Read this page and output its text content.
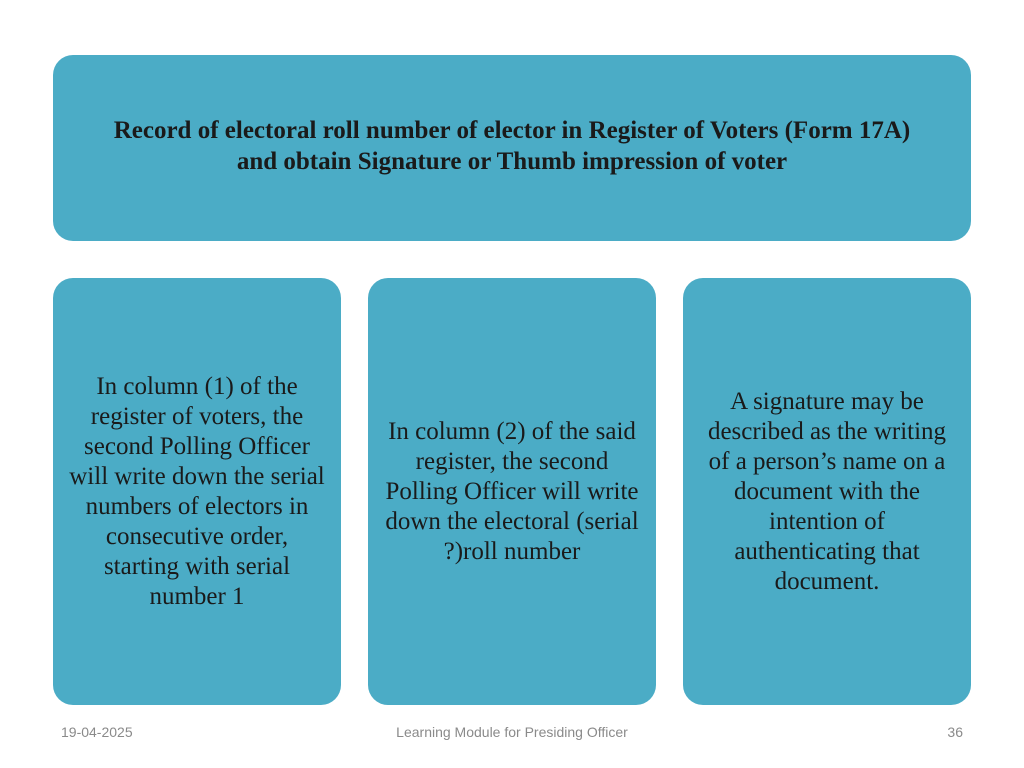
Record of electoral roll number of elector in Register of Voters (Form 17A) and obtain Signature or Thumb impression of voter

In column (1) of the register of voters, the second Polling Officer will write down the serial numbers of electors in consecutive order, starting with serial number 1

In column (2) of the said register, the second Polling Officer will write down the electoral (serial ?)roll number

A signature may be described as the writing of a person’s name on a document with the intention of authenticating that document.

19-04-2025	Learning Module for Presiding Officer	36
